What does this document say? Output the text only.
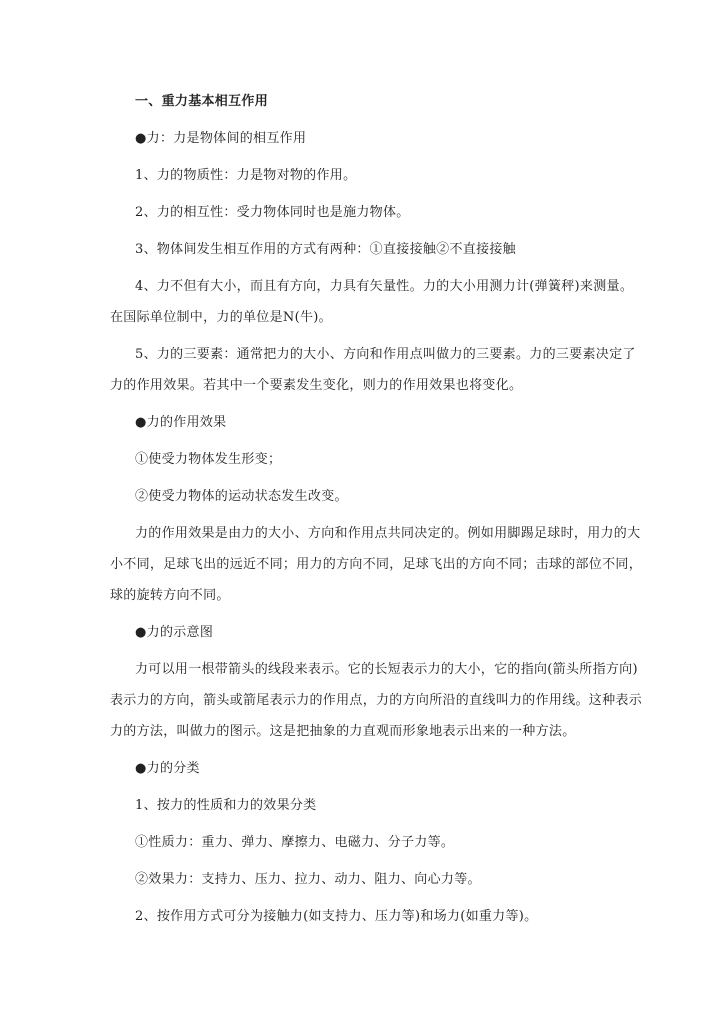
一、重力基本相互作用
●力：力是物体间的相互作用
1、力的物质性：力是物对物的作用。
2、力的相互性：受力物体同时也是施力物体。
3、物体间发生相互作用的方式有两种：①直接接触②不直接接触
4、力不但有大小，而且有方向，力具有矢量性。力的大小用测力计(弹簧秤)来测量。
在国际单位制中，力的单位是N(牛)。
5、力的三要素：通常把力的大小、方向和作用点叫做力的三要素。力的三要素决定了
力的作用效果。若其中一个要素发生变化，则力的作用效果也将变化。
●力的作用效果
①使受力物体发生形变；
②使受力物体的运动状态发生改变。
力的作用效果是由力的大小、方向和作用点共同决定的。例如用脚踢足球时，用力的大
小不同，足球飞出的远近不同；用力的方向不同，足球飞出的方向不同；击球的部位不同，
球的旋转方向不同。
●力的示意图
力可以用一根带箭头的线段来表示。它的长短表示力的大小，它的指向(箭头所指方向)
表示力的方向，箭头或箭尾表示力的作用点，力的方向所沿的直线叫力的作用线。这种表示
力的方法，叫做力的图示。这是把抽象的力直观而形象地表示出来的一种方法。
●力的分类
1、按力的性质和力的效果分类
①性质力：重力、弹力、摩擦力、电磁力、分子力等。
②效果力：支持力、压力、拉力、动力、阻力、向心力等。
2、按作用方式可分为接触力(如支持力、压力等)和场力(如重力等)。
